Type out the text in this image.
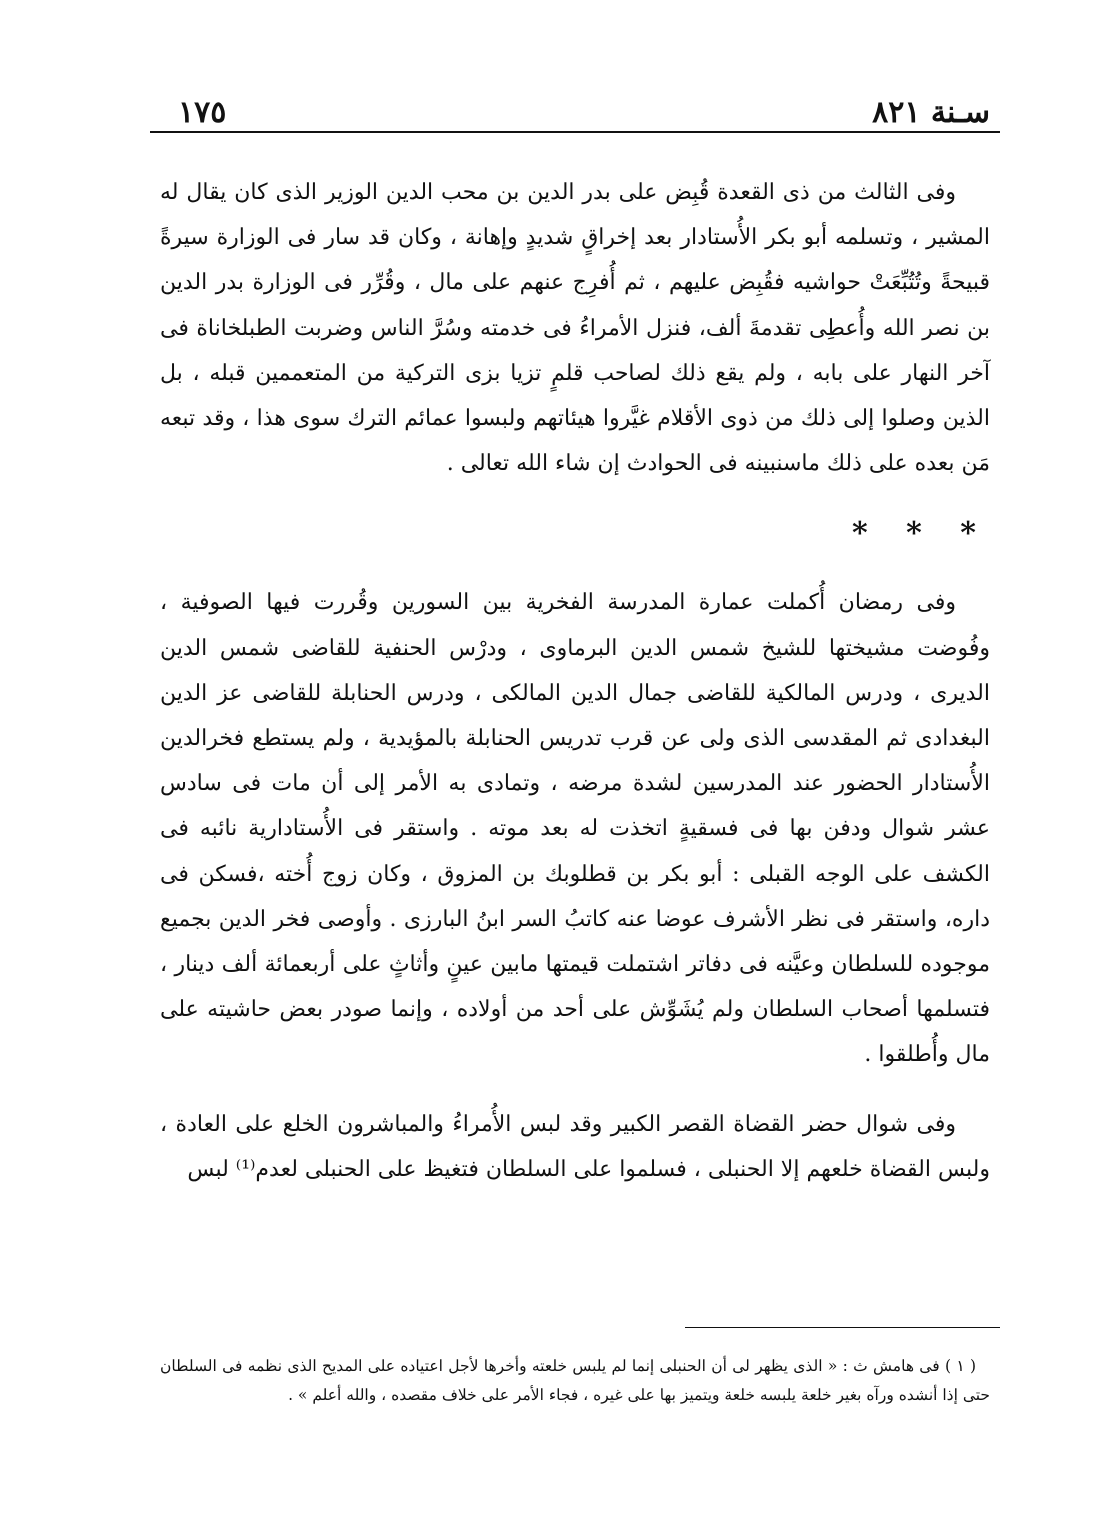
١٧٥	سـنة ٨٢١

وفى الثالث من ذى القعدة قُبِض على بدر الدين بن محب الدين الوزير الذى كان يقال له المشير ، وتسلمه أبو بكر الأُستادار بعد إخراقٍ شديدٍ وإهانة ، وكان قد سار فى الوزارة سيرةً قبيحةً وتُتُبِّعَتْ حواشيه فقُبِض عليهم ، ثم أُفرِج عنهم على مال ، وقُرِّر فى الوزارة بدر الدين بن نصر الله وأُعطِى تقدمةَ ألف، فنزل الأمراءُ فى خدمته وسُرَّ الناس وضربت الطبلخاناة فى آخر النهار على بابه ، ولم يقع ذلك لصاحب قلمٍ تزيا بزى التركية من المتعممين قبله ، بل الذين وصلوا إلى ذلك من ذوى الأقلام غيَّروا هيئاتهم ولبسوا عمائم الترك سوى هذا ، وقد تبعه مَن بعده على ذلك ماسنبينه فى الحوادث إن شاء الله تعالى .

* * *

وفى رمضان أُكملت عمارة المدرسة الفخرية بين السورين وقُررت فيها الصوفية ، وفُوضت مشيختها للشيخ شمس الدين البرماوى ، ودرْس الحنفية للقاضى شمس الدين الديرى ، ودرس المالكية للقاضى جمال الدين المالكى ، ودرس الحنابلة للقاضى عز الدين البغدادى ثم المقدسى الذى ولى عن قرب تدريس الحنابلة بالمؤيدية ، ولم يستطع فخرالدين الأُستادار الحضور عند المدرسين لشدة مرضه ، وتمادى به الأمر إلى أن مات فى سادس عشر شوال ودفن بها فى فسقيةٍ اتخذت له بعد موته . واستقر فى الأُستادارية نائبه فى الكشف على الوجه القبلى : أبو بكر بن قطلوبك بن المزوق ، وكان زوج أُخته ،فسكن فى داره، واستقر فى نظر الأشرف عوضا عنه كاتبُ السر ابنُ البارزى . وأوصى فخر الدين بجميع موجوده للسلطان وعيَّنه فى دفاتر اشتملت قيمتها مابين عينٍ وأثاثٍ على أربعمائة ألف دينار ، فتسلمها أصحاب السلطان ولم يُشَوِّش على أحد من أولاده ، وإنما صودر بعض حاشيته على مال وأُطلقوا .

وفى شوال حضر القضاة القصر الكبير وقد لبس الأُمراءُ والمباشرون الخلع على العادة ، ولبس القضاة خلعهم إلا الحنبلى ، فسلموا على السلطان فتغيظ على الحنبلى لعدم⁽¹⁾ لبس

( ١ ) فى هامش ث : « الذى يظهر لى أن الحنبلى إنما لم يلبس خلعته وأخرها لأجل اعتياده على المديح الذى نظمه فى السلطان حتى إذا أنشده ورآه بغير خلعة يلبسه خلعة ويتميز بها على غيره ، فجاء الأمر على خلاف مقصده ، والله أعلم » .
